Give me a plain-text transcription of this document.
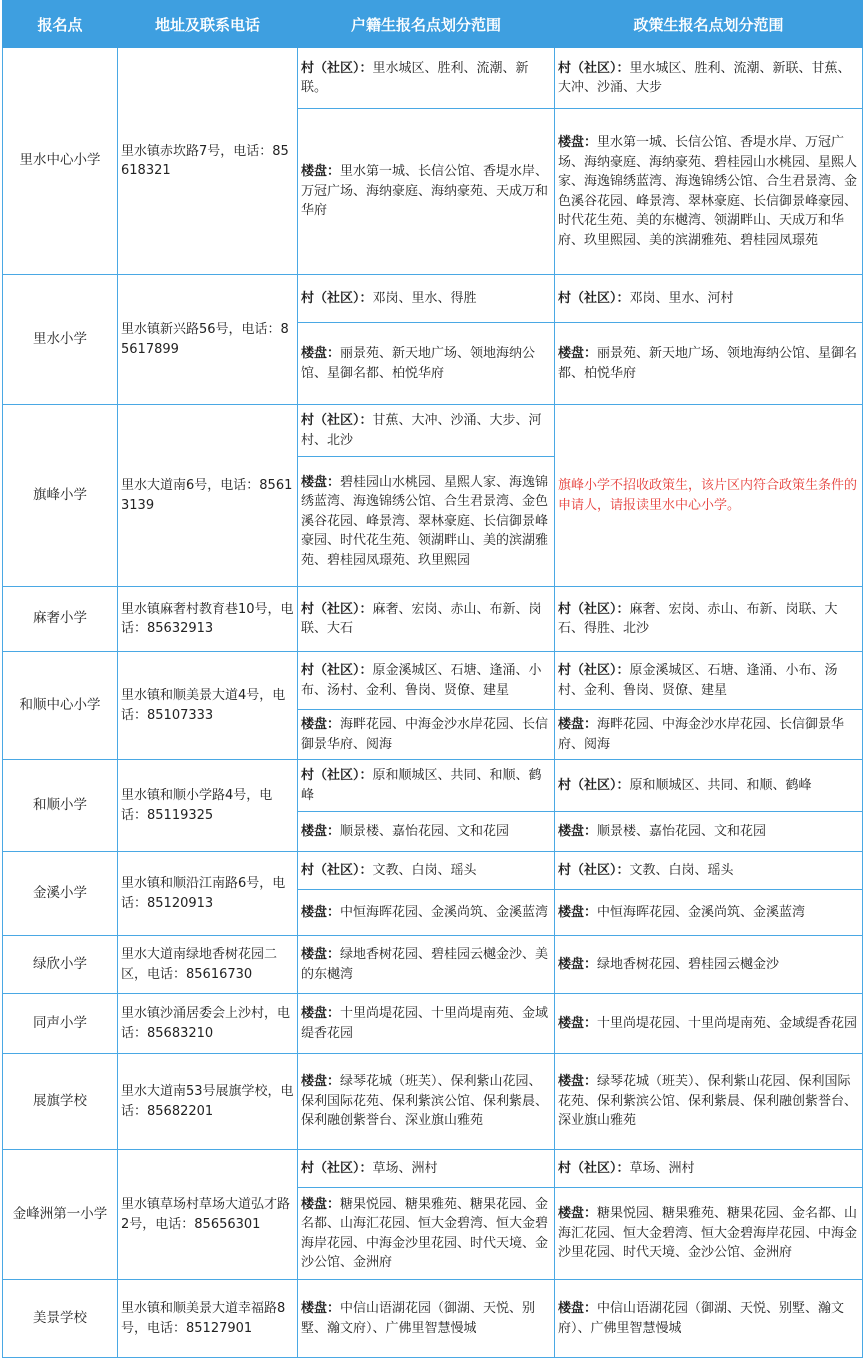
报名点	地址及联系电话	户籍生报名点划分范围	政策生报名点划分范围
里水中心小学	里水镇赤坎路7号，电话：85618321	村（社区）：里水城区、胜利、流潮、新联。	村（社区）：里水城区、胜利、流潮、新联、甘蕉、大冲、沙涌、大步
		楼盘：里水第一城、长信公馆、香堤水岸、万冠广场、海纳豪庭、海纳豪苑、天成万和华府	楼盘：里水第一城、长信公馆、香堤水岸、万冠广场、海纳豪庭、海纳豪苑、碧桂园山水桃园、星熙人家、海逸锦绣蓝湾、海逸锦绣公馆、合生君景湾、金色溪谷花园、峰景湾、翠林豪庭、长信御景峰豪园、时代花生苑、美的东樾湾、领湖畔山、天成万和华府、玖里熙园、美的滨湖雅苑、碧桂园凤璟苑
里水小学	里水镇新兴路56号，电话：85617899	村（社区）：邓岗、里水、得胜	村（社区）：邓岗、里水、河村
		楼盘：丽景苑、新天地广场、领地海纳公馆、星御名都、柏悦华府	楼盘：丽景苑、新天地广场、领地海纳公馆、星御名都、柏悦华府
旗峰小学	里水大道南6号，电话：85613139	村（社区）：甘蕉、大冲、沙涌、大步、河村、北沙	旗峰小学不招收政策生，该片区内符合政策生条件的申请人，请报读里水中心小学。
		楼盘：碧桂园山水桃园、星熙人家、海逸锦绣蓝湾、海逸锦绣公馆、合生君景湾、金色溪谷花园、峰景湾、翠林豪庭、长信御景峰豪园、时代花生苑、领湖畔山、美的滨湖雅苑、碧桂园凤璟苑、玖里熙园	
麻奢小学	里水镇麻奢村教育巷10号，电话：85632913	村（社区）：麻奢、宏岗、赤山、布新、岗联、大石	村（社区）：麻奢、宏岗、赤山、布新、岗联、大石、得胜、北沙
和顺中心小学	里水镇和顺美景大道4号，电话：85107333	村（社区）：原金溪城区、石塘、逢涌、小布、汤村、金利、鲁岗、贤僚、建星	村（社区）：原金溪城区、石塘、逢涌、小布、汤村、金利、鲁岗、贤僚、建星
		楼盘：海畔花园、中海金沙水岸花园、长信御景华府、阅海	楼盘：海畔花园、中海金沙水岸花园、长信御景华府、阅海
和顺小学	里水镇和顺小学路4号，电话：85119325	村（社区）：原和顺城区、共同、和顺、鹤峰	村（社区）：原和顺城区、共同、和顺、鹤峰
		楼盘：顺景楼、嘉怡花园、文和花园	楼盘：顺景楼、嘉怡花园、文和花园
金溪小学	里水镇和顺沿江南路6号，电话：85120913	村（社区）：文教、白岗、瑶头	村（社区）：文教、白岗、瑶头
		楼盘：中恒海晖花园、金溪尚筑、金溪蓝湾	楼盘：中恒海晖花园、金溪尚筑、金溪蓝湾
绿欣小学	里水大道南绿地香树花园二区，电话：85616730	楼盘：绿地香树花园、碧桂园云樾金沙、美的东樾湾	楼盘：绿地香树花园、碧桂园云樾金沙
同声小学	里水镇沙涌居委会上沙村，电话：85683210	楼盘：十里尚堤花园、十里尚堤南苑、金域缇香花园	楼盘：十里尚堤花园、十里尚堤南苑、金域缇香花园
展旗学校	里水大道南53号展旗学校，电话：85682201	楼盘：绿琴花城（班芙）、保利紫山花园、保利国际花苑、保利紫滨公馆、保利紫晨、保利融创紫誉台、深业旗山雅苑	楼盘：绿琴花城（班芙）、保利紫山花园、保利国际花苑、保利紫滨公馆、保利紫晨、保利融创紫誉台、深业旗山雅苑
金峰洲第一小学	里水镇草场村草场大道弘才路2号，电话：85656301	村（社区）：草场、洲村	村（社区）：草场、洲村
		楼盘：糖果悦园、糖果雅苑、糖果花园、金名都、山海汇花园、恒大金碧湾、恒大金碧海岸花园、中海金沙里花园、时代天境、金沙公馆、金洲府	楼盘：糖果悦园、糖果雅苑、糖果花园、金名都、山海汇花园、恒大金碧湾、恒大金碧海岸花园、中海金沙里花园、时代天境、金沙公馆、金洲府
美景学校	里水镇和顺美景大道幸福路8号，电话：85127901	楼盘：中信山语湖花园（御湖、天悦、别墅、瀚文府）、广佛里智慧慢城	楼盘：中信山语湖花园（御湖、天悦、别墅、瀚文府）、广佛里智慧慢城
